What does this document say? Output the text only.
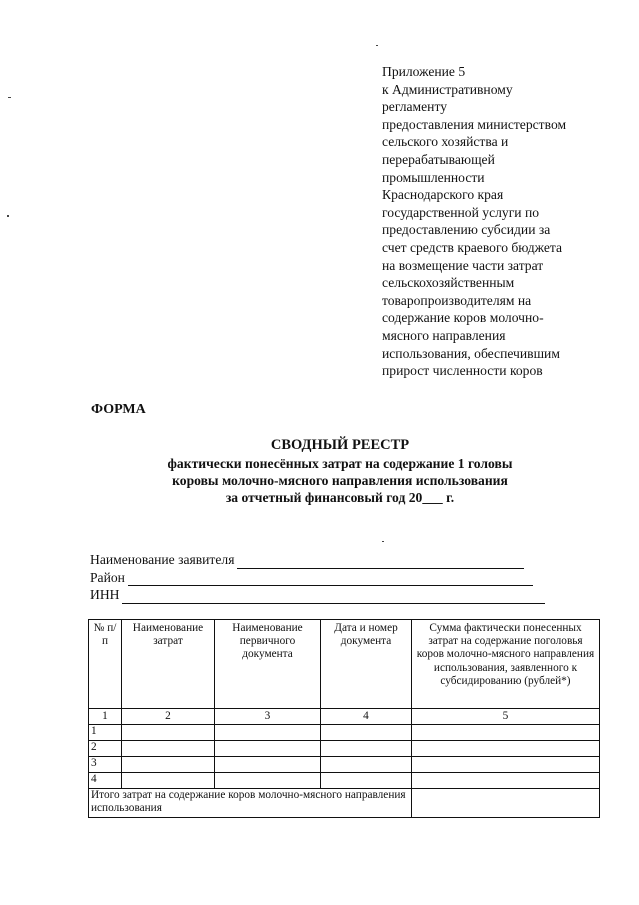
Приложение 5
к Административному
регламенту
предоставления министерством
сельского хозяйства и
перерабатывающей
промышленности
Краснодарского края
государственной услуги по
предоставлению субсидии за
счет средств краевого бюджета
на возмещение части затрат
сельскохозяйственным
товаропроизводителям на
содержание коров молочно-
мясного направления
использования, обеспечившим
прирост численности коров
ФОРМА
СВОДНЫЙ РЕЕСТР
фактически понесённых затрат на содержание 1 головы
коровы молочно-мясного направления использования
за отчетный финансовый год 20___ г.
Наименование заявителя
Район
ИНН
№ п/п	Наименование затрат	Наименование первичного документа	Дата и номер документа	Сумма фактически понесенных затрат на содержание поголовья коров молочно-мясного направления использования, заявленного к субсидированию (рублей*)
1	2	3	4	5
1				
2				
3				
4				
Итого затрат на содержание коров молочно-мясного направления использования				
